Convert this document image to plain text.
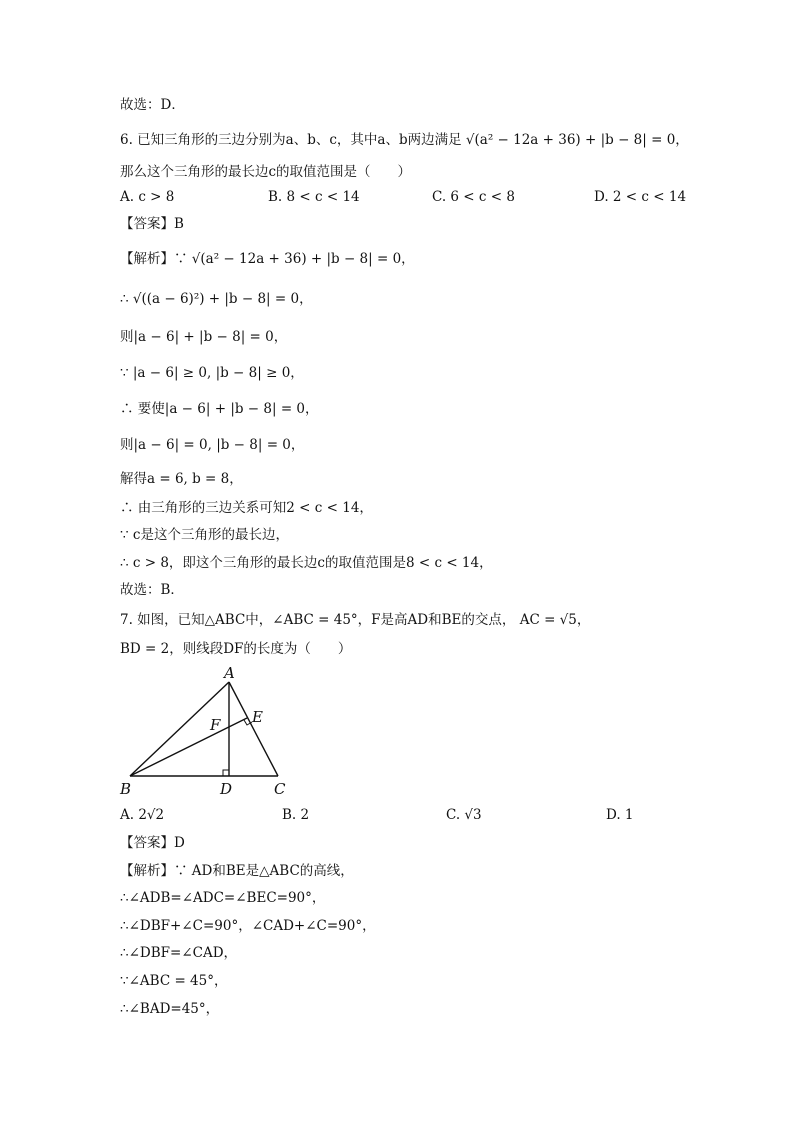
故选：D．
6. 已知三角形的三边分别为a、b、c，其中a、b两边满足 √(a² − 12a + 36) + |b − 8| = 0，
那么这个三角形的最长边c的取值范围是（　　）
A. c > 8	B. 8 < c < 14	C. 6 < c < 8	D. 2 < c < 14
【答案】B
【解析】∵ √(a² − 12a + 36) + |b − 8| = 0，
∴ √((a − 6)²) + |b − 8| = 0，
则|a − 6| + |b − 8| = 0，
∵ |a − 6| ≥ 0, |b − 8| ≥ 0，
∴ 要使|a − 6| + |b − 8| = 0，
则|a − 6| = 0, |b − 8| = 0，
解得a = 6, b = 8，
∴ 由三角形的三边关系可知2 < c < 14，
∵ c是这个三角形的最长边，
∴ c > 8，即这个三角形的最长边c的取值范围是8 < c < 14，
故选：B．
7. 如图，已知△ABC中，∠ABC = 45°，F是高AD和BE的交点， AC = √5，
BD = 2，则线段DF的长度为（　　）
A
B	C
D
E
F
A. 2√2	B. 2	C. √3	D. 1
【答案】D
【解析】∵ AD和BE是△ABC的高线，
∴∠ADB=∠ADC=∠BEC=90°，
∴∠DBF+∠C=90°，∠CAD+∠C=90°，
∴∠DBF=∠CAD，
∵∠ABC = 45°，
∴∠BAD=45°，
